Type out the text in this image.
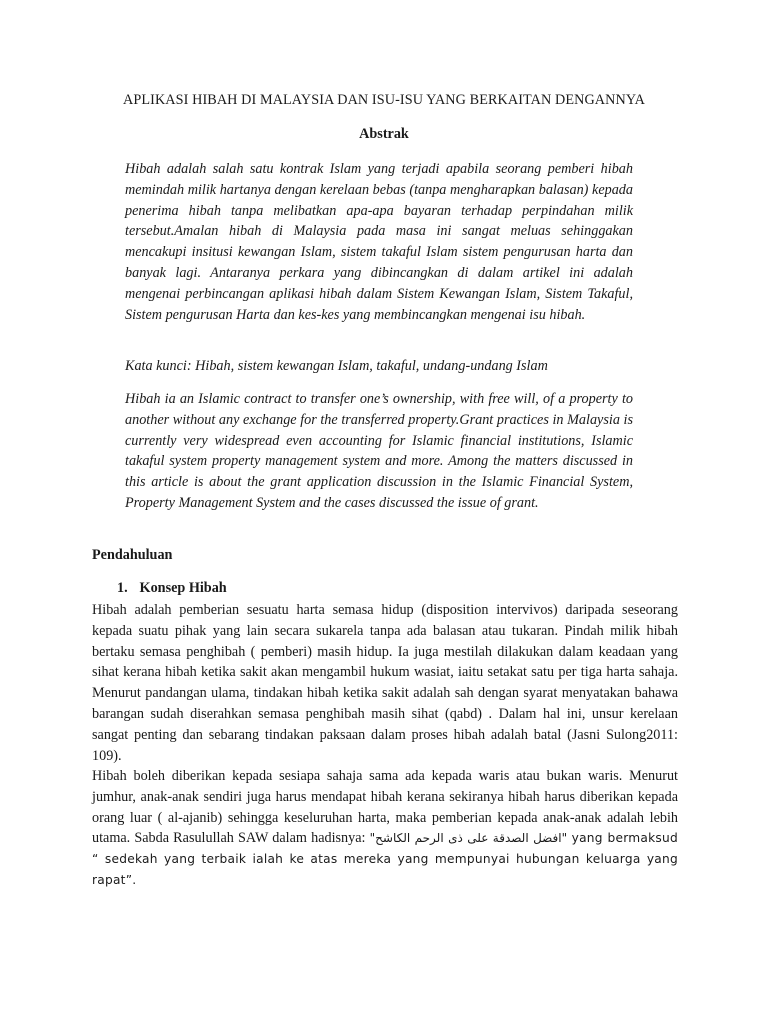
APLIKASI HIBAH DI MALAYSIA DAN ISU-ISU YANG BERKAITAN DENGANNYA
Abstrak

Hibah adalah salah satu kontrak Islam yang terjadi apabila seorang pemberi hibah memindah milik hartanya dengan kerelaan bebas (tanpa mengharapkan balasan) kepada penerima hibah tanpa melibatkan apa-apa bayaran terhadap perpindahan milik tersebut.Amalan hibah di Malaysia pada masa ini sangat meluas sehinggakan mencakupi insitusi kewangan Islam, sistem takaful Islam sistem pengurusan harta dan banyak lagi. Antaranya perkara yang dibincangkan di dalam artikel ini adalah mengenai perbincangan aplikasi hibah dalam Sistem Kewangan Islam, Sistem Takaful, Sistem pengurusan Harta dan kes-kes yang membincangkan mengenai isu hibah.

Kata kunci: Hibah, sistem kewangan Islam, takaful, undang-undang Islam

Hibah ia an Islamic contract to transfer one’s ownership, with free will, of a property to another without any exchange for the transferred property.Grant practices in Malaysia is currently very widespread even accounting for Islamic financial institutions, Islamic takaful system property management system and more. Among the matters discussed in this article is about the grant application discussion in the Islamic Financial System, Property Management System and the cases discussed the issue of grant.

Pendahuluan
1. Konsep Hibah

Hibah adalah pemberian sesuatu harta semasa hidup (disposition intervivos) daripada seseorang kepada suatu pihak yang lain secara sukarela tanpa ada balasan atau tukaran. Pindah milik hibah bertaku semasa penghibah ( pemberi) masih hidup. Ia juga mestilah dilakukan dalam keadaan yang sihat kerana hibah ketika sakit akan mengambil hukum wasiat, iaitu setakat satu per tiga harta sahaja. Menurut pandangan ulama, tindakan hibah ketika sakit adalah sah dengan syarat menyatakan bahawa barangan sudah diserahkan semasa penghibah masih sihat (qabd) . Dalam hal ini, unsur kerelaan sangat penting dan sebarang tindakan paksaan dalam proses hibah adalah batal (Jasni Sulong2011: 109).

Hibah boleh diberikan kepada sesiapa sahaja sama ada kepada waris atau bukan waris. Menurut jumhur, anak-anak sendiri juga harus mendapat hibah kerana sekiranya hibah harus diberikan kepada orang luar ( al-ajanib) sehingga keseluruhan harta, maka pemberian kepada anak-anak adalah lebih utama. Sabda Rasulullah SAW dalam hadisnya: "افضل الصدقة على ذى الرحم الكاشح" yang bermaksud “ sedekah yang terbaik ialah ke atas mereka yang mempunyai hubungan keluarga yang rapat”.
